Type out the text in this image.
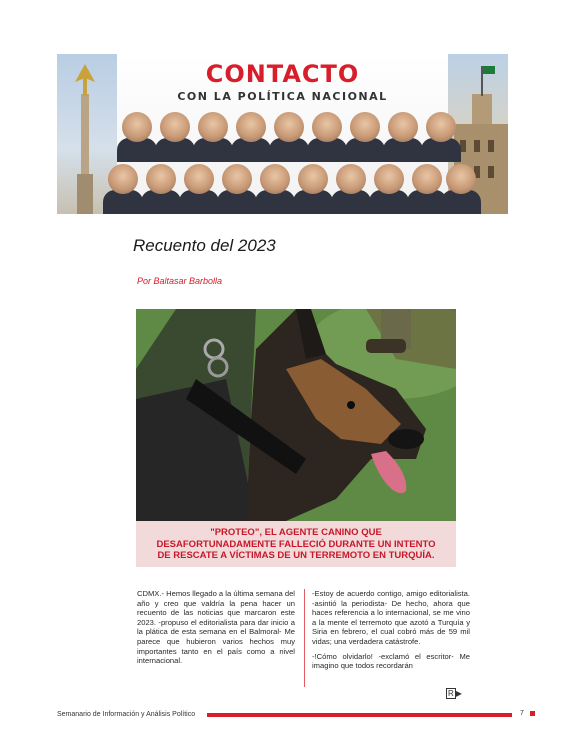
CONTACTO
CON LA POLÍTICA NACIONAL
Recuento del 2023

Por Baltasar Barbolla

"PROTEO", EL AGENTE CANINO QUE DESAFORTUNADAMENTE FALLECIÓ DURANTE UN INTENTO DE RESCATE A VÍCTIMAS DE UN TERREMOTO EN TURQUÍA.

CDMX.- Hemos llegado a la última semana del año y creo que valdría la pena hacer un recuento de las noticias que marcaron este 2023. -propuso el editorialista para dar inicio a la plática de esta semana en el Balmoral- Me parece que hubieron varios hechos muy importantes tanto en el país como a nivel internacional.

-Estoy de acuerdo contigo, amigo editorialista. -asintió la periodista- De hecho, ahora que haces referencia a lo internacional, se me vino a la mente el terremoto que azotó a Turquía y Siria en febrero, el cual cobró más de 59 mil vidas; una verdadera catástrofe.

-!Cómo olvidarlo! -exclamó el escritor- Me imagino que todos recordarán

R ▶
Semanario de Información y Análisis Político	7
